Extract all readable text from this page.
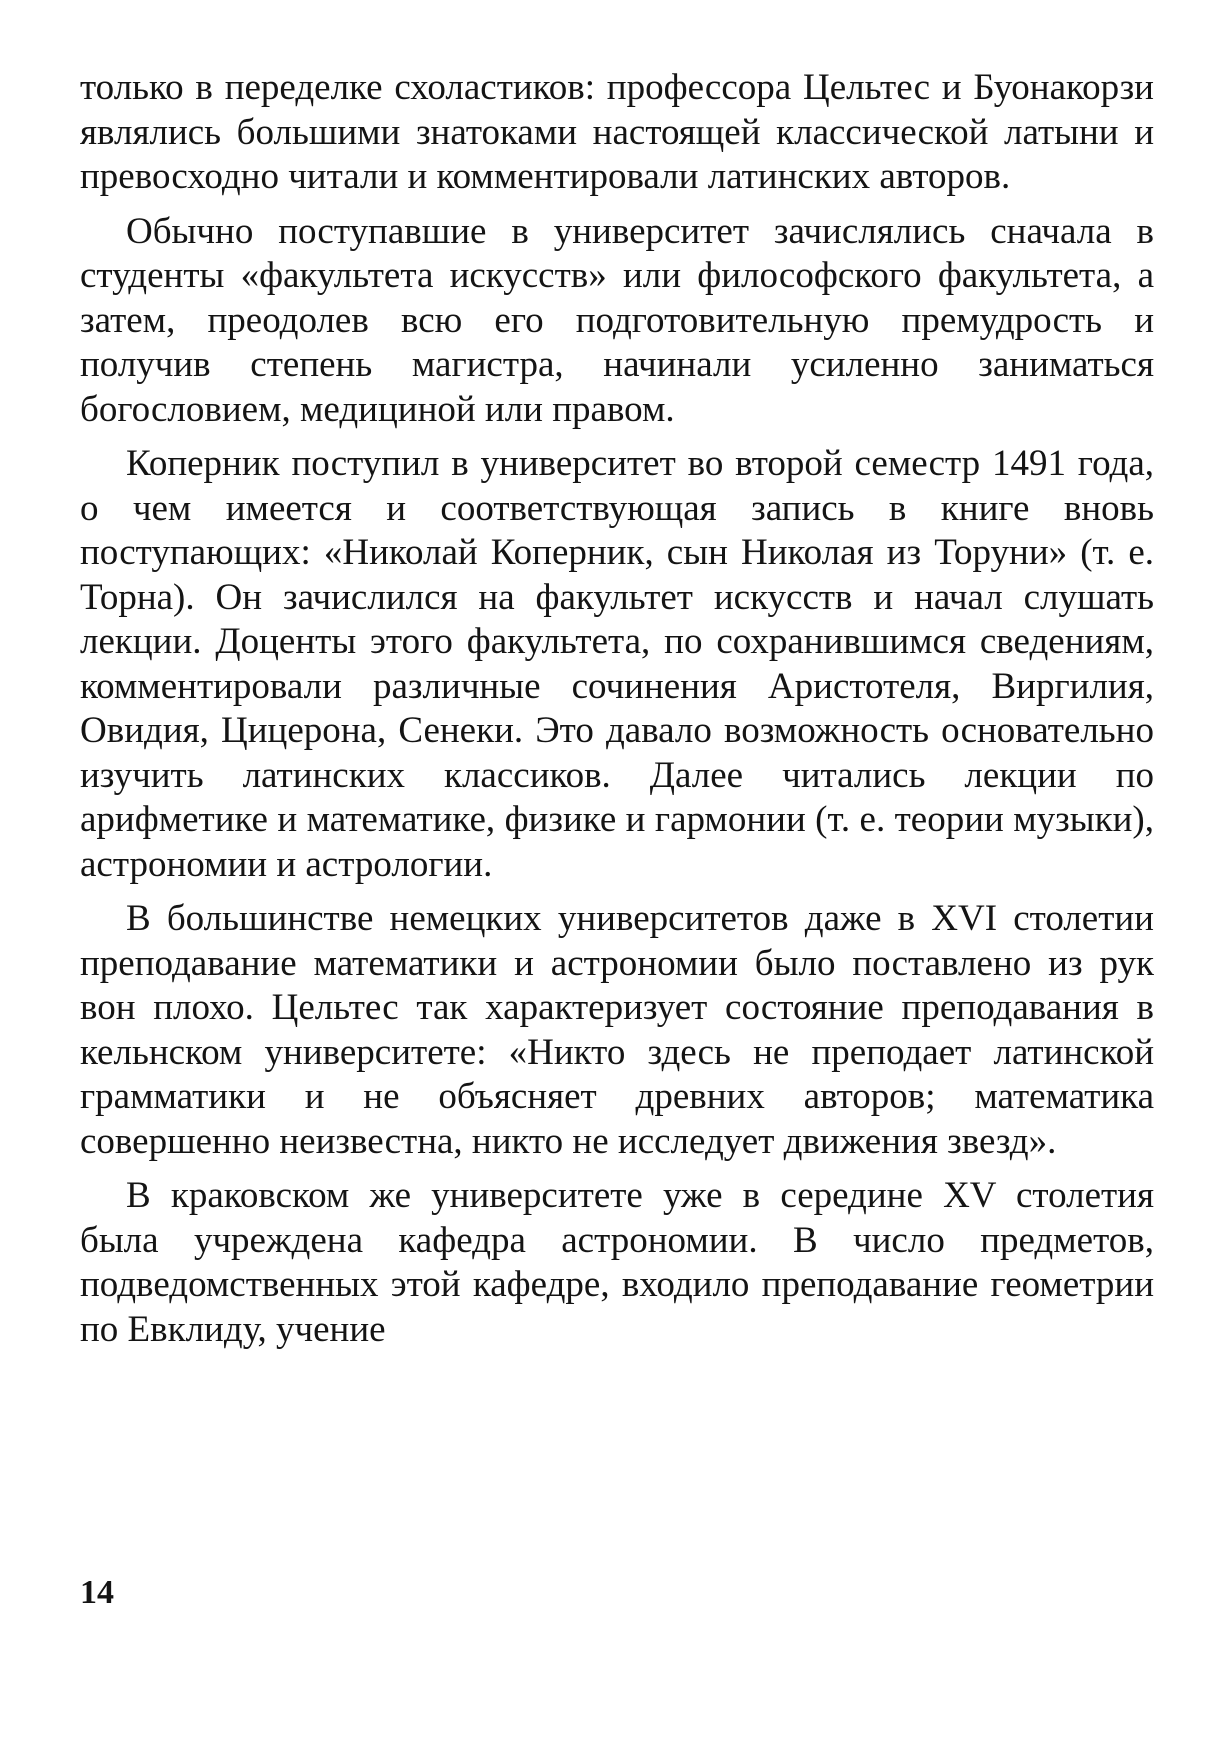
только в переделке схоластиков: профессора Цельтес и Буонакорзи являлись большими знатоками настоящей классической латыни и превосходно читали и комментировали латинских авторов.

Обычно поступавшие в университет зачислялись сначала в студенты «факультета искусств» или философского факультета, а затем, преодолев всю его подготовительную премудрость и получив степень магистра, начинали усиленно заниматься богословием, медициной или правом.

Коперник поступил в университет во второй семестр 1491 года, о чем имеется и соответствующая запись в книге вновь поступающих: «Николай Коперник, сын Николая из Торуни» (т. е. Торна). Он зачислился на факультет искусств и начал слушать лекции. Доценты этого факультета, по сохранившимся сведениям, комментировали различные сочинения Аристотеля, Виргилия, Овидия, Цицерона, Сенеки. Это давало возможность основательно изучить латинских классиков. Далее читались лекции по арифметике и математике, физике и гармонии (т. е. теории музыки), астрономии и астрологии.

В большинстве немецких университетов даже в XVI столетии преподавание математики и астрономии было поставлено из рук вон плохо. Цельтес так характеризует состояние преподавания в кельнском университете: «Никто здесь не преподает латинской грамматики и не объясняет древних авторов; математика совершенно неизвестна, никто не исследует движения звезд».

В краковском же университете уже в середине XV столетия была учреждена кафедра астрономии. В число предметов, подведомственных этой кафедре, входило преподавание геометрии по Евклиду, учение

14
